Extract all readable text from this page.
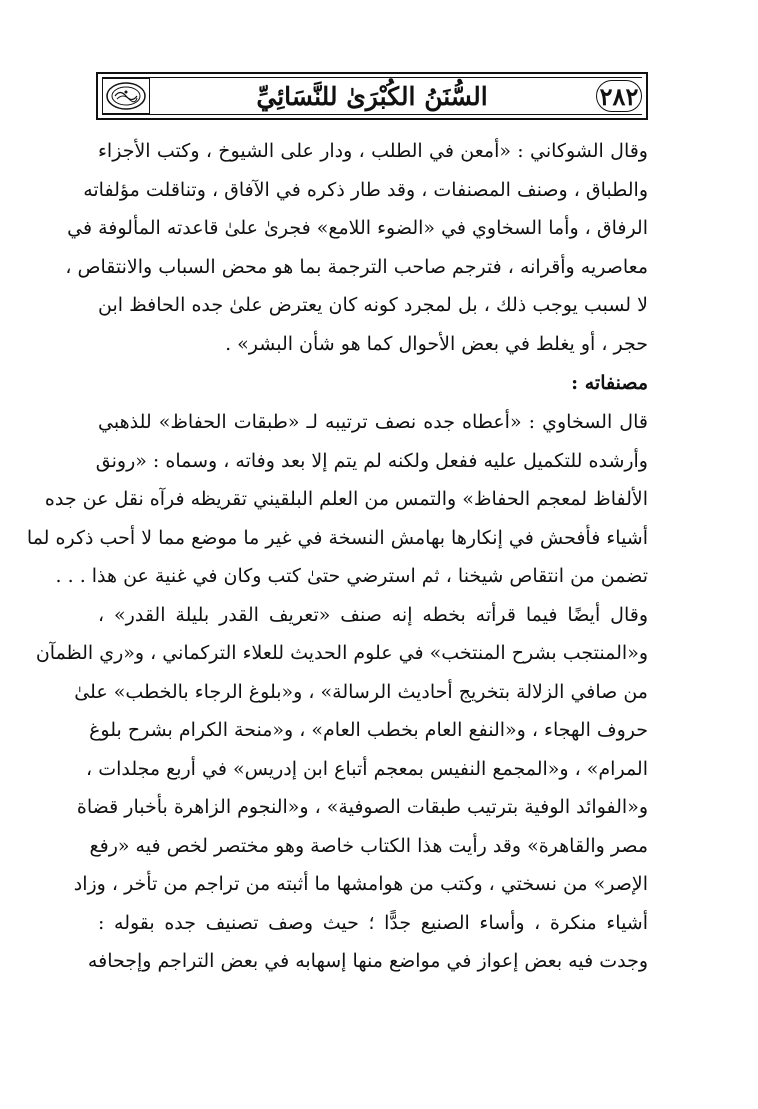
السُّنَنُ الكُبْرَىٰ للنَّسَائِيِّ	٢٨٢
وقال الشوكاني : «أمعن في الطلب ، ودار على الشيوخ ، وكتب الأجزاء
والطباق ، وصنف المصنفات ، وقد طار ذكره في الآفاق ، وتناقلت مؤلفاته
الرفاق ، وأما السخاوي في «الضوء اللامع» فجرىٰ علىٰ قاعدته المألوفة في
معاصريه وأقرانه ، فترجم صاحب الترجمة بما هو محض السباب والانتقاص ،
لا لسبب يوجب ذلك ، بل لمجرد كونه كان يعترض علىٰ جده الحافظ ابن
حجر ، أو يغلط في بعض الأحوال كما هو شأن البشر» .
مصنفاته :
قال السخاوي : «أعطاه جده نصف ترتيبه لـ «طبقات الحفاظ» للذهبي
وأرشده للتكميل عليه ففعل ولكنه لم يتم إلا بعد وفاته ، وسماه : «رونق
الألفاظ لمعجم الحفاظ» والتمس من العلم البلقيني تقريظه فرآه نقل عن جده
أشياء فأفحش في إنكارها بهامش النسخة في غير ما موضع مما لا أحب ذكره لما
تضمن من انتقاص شيخنا ، ثم استرضي حتىٰ كتب وكان في غنية عن هذا . . .
وقال أيضًا فيما قرأته بخطه إنه صنف «تعريف القدر بليلة القدر» ،
و«المنتجب بشرح المنتخب» في علوم الحديث للعلاء التركماني ، و«ري الظمآن
من صافي الزلالة بتخريج أحاديث الرسالة» ، و«بلوغ الرجاء بالخطب» علىٰ
حروف الهجاء ، و«النفع العام بخطب العام» ، و«منحة الكرام بشرح بلوغ
المرام» ، و«المجمع النفيس بمعجم أتباع ابن إدريس» في أربع مجلدات ،
و«الفوائد الوفية بترتيب طبقات الصوفية» ، و«النجوم الزاهرة بأخبار قضاة
مصر والقاهرة» وقد رأيت هذا الكتاب خاصة وهو مختصر لخص فيه «رفع
الإصر» من نسختي ، وكتب من هوامشها ما أثبته من تراجم من تأخر ، وزاد
أشياء منكرة ، وأساء الصنيع جدًّا ؛ حيث وصف تصنيف جده بقوله :
وجدت فيه بعض إعواز في مواضع منها إسهابه في بعض التراجم وإجحافه
